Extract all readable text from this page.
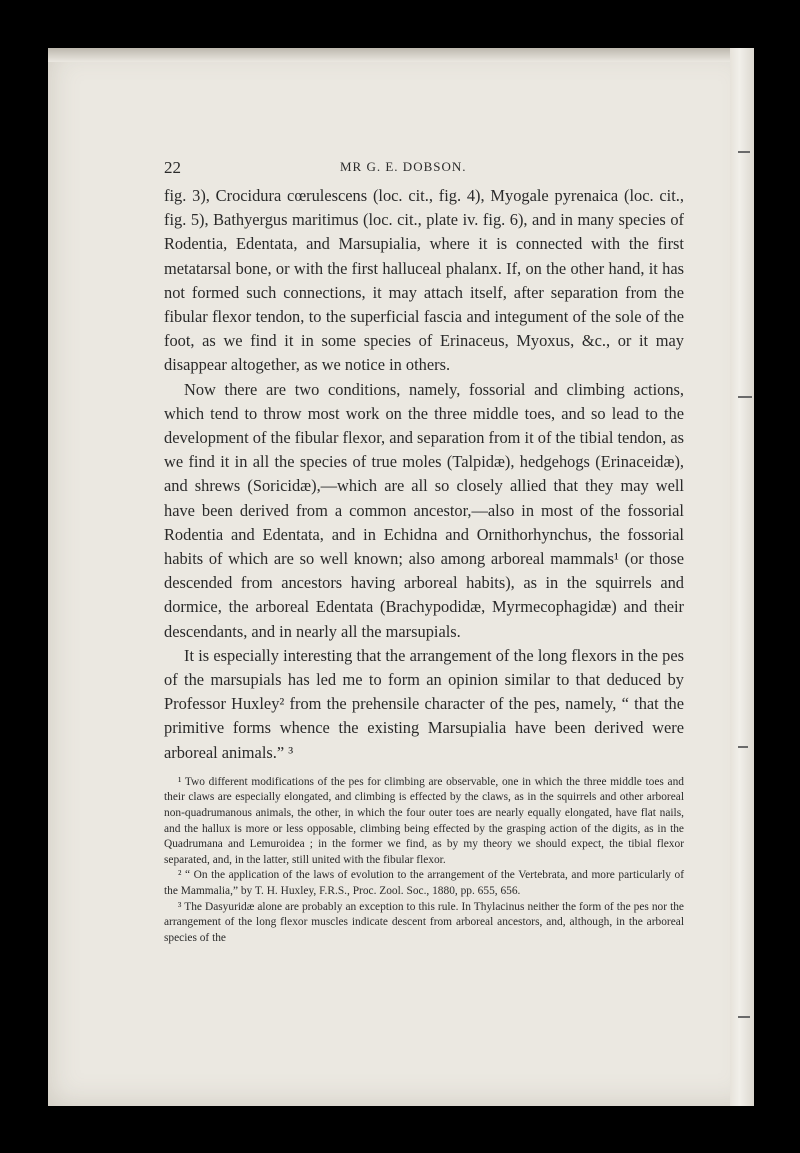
22	MR G. E. DOBSON.

fig. 3), Crocidura cœrulescens (loc. cit., fig. 4), Myogale pyrenaica (loc. cit., fig. 5), Bathyergus maritimus (loc. cit., plate iv. fig. 6), and in many species of Rodentia, Edentata, and Marsupialia, where it is connected with the first metatarsal bone, or with the first halluceal phalanx. If, on the other hand, it has not formed such connections, it may attach itself, after separation from the fibular flexor tendon, to the superficial fascia and integument of the sole of the foot, as we find it in some species of Erinaceus, Myoxus, &c., or it may disappear altogether, as we notice in others.

Now there are two conditions, namely, fossorial and climbing actions, which tend to throw most work on the three middle toes, and so lead to the development of the fibular flexor, and separation from it of the tibial tendon, as we find it in all the species of true moles (Talpidæ), hedgehogs (Erinaceidæ), and shrews (Soricidæ),—which are all so closely allied that they may well have been derived from a common ancestor,—also in most of the fossorial Rodentia and Edentata, and in Echidna and Ornithorhynchus, the fossorial habits of which are so well known; also among arboreal mammals¹ (or those descended from ancestors having arboreal habits), as in the squirrels and dormice, the arboreal Edentata (Brachypodidæ, Myrmecophagidæ) and their descendants, and in nearly all the marsupials.

It is especially interesting that the arrangement of the long flexors in the pes of the marsupials has led me to form an opinion similar to that deduced by Professor Huxley² from the prehensile character of the pes, namely, “ that the primitive forms whence the existing Marsupialia have been derived were arboreal animals.” ³

¹ Two different modifications of the pes for climbing are observable, one in which the three middle toes and their claws are especially elongated, and climbing is effected by the claws, as in the squirrels and other arboreal non-quadrumanous animals, the other, in which the four outer toes are nearly equally elongated, have flat nails, and the hallux is more or less opposable, climbing being effected by the grasping action of the digits, as in the Quadrumana and Lemuroidea ; in the former we find, as by my theory we should expect, the tibial flexor separated, and, in the latter, still united with the fibular flexor.

² “ On the application of the laws of evolution to the arrangement of the Vertebrata, and more particularly of the Mammalia,” by T. H. Huxley, F.R.S., Proc. Zool. Soc., 1880, pp. 655, 656.

³ The Dasyuridæ alone are probably an exception to this rule. In Thylacinus neither the form of the pes nor the arrangement of the long flexor muscles indicate descent from arboreal ancestors, and, although, in the arboreal species of the
